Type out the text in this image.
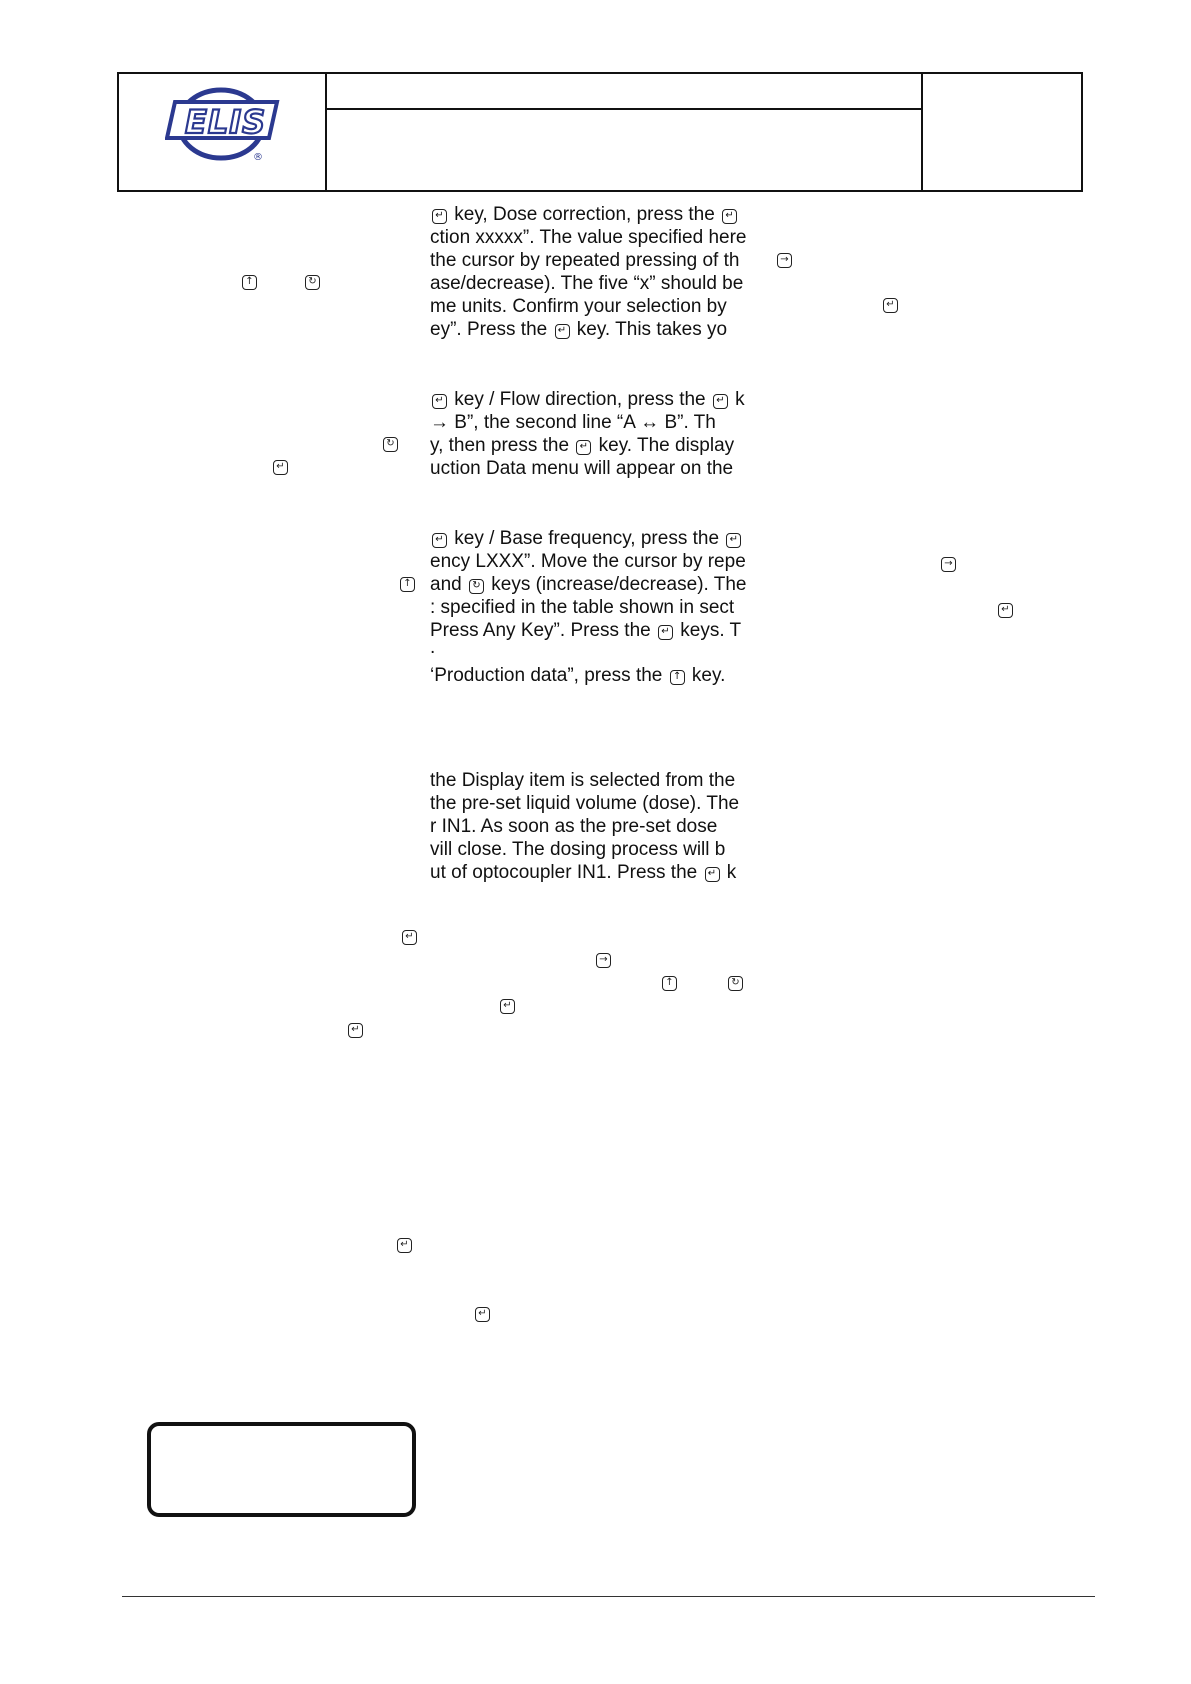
ELIS
®
↵ key, Dose correction, press the ↵
ction xxxxx”. The value specified here
the cursor by repeated pressing of th
ase/decrease). The five “x” should be
me units. Confirm your selection by
ey”. Press the ↵ key. This takes yo
↑	↻
→
↵
↵ key / Flow direction, press the ↵ k
→ B”, the second line “A ↔ B”. Th
y, then press the ↵ key. The display
uction Data menu will appear on the
↻
↵
↵ key / Base frequency, press the ↵
ency LXXX”. Move the cursor by repe
and ↻ keys (increase/decrease). The
: specified in the table shown in sect
Press Any Key”. Press the ↵ keys. T
.
‘Production data”, press the ↑ key.
↑
→
↵
the Display item is selected from the
the pre-set liquid volume (dose). The
r IN1. As soon as the pre-set dose
vill close. The dosing process will b
ut of optocoupler IN1. Press the ↵ k
↵
→
↑	↻
↵
↵
↵
↵
